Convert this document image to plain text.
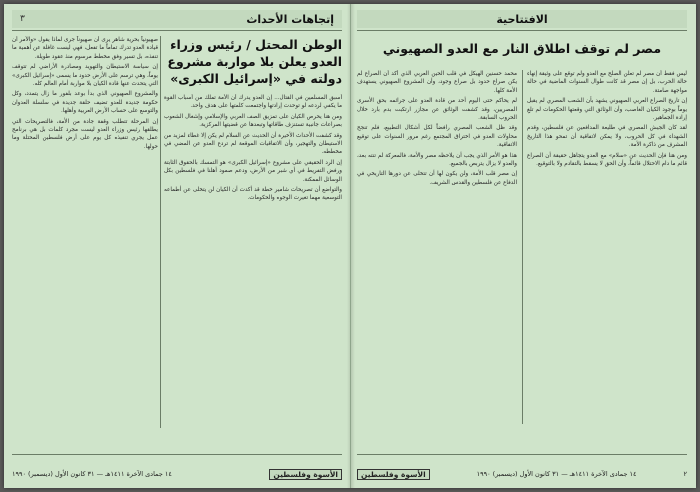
٣	إتجاهات الأحداث
الوطن المحتل / رئيس وزراء العدو يعلن بلا مواربة مشروع دولته في «إسرائيل الكبرى»

صهيونياً بحرية شاهر يرى أن صهيوناً جرى لماذا يقول «والأمر أن قيادة العدو تدرك تماماً ما تفعل، فهي ليست غافلة عن أهمية ما تنفذه، بل تسير وفق مخطط مرسوم منذ عقود طويلة.

إن سياسة الاستيطان والتهويد ومصادرة الأراضي لم تتوقف يوماً، وهي ترسم على الأرض حدود ما يسمى «إسرائيل الكبرى» التي يتحدث عنها قادة الكيان بلا مواربة أمام العالم كله.

والمشروع الصهيوني الذي بدأ بوعد بلفور ما زال يتمدد، وكل حكومة جديدة للعدو تضيف حلقة جديدة في سلسلة العدوان والتوسع على حساب الأرض العربية وأهلها.

إن المرحلة تتطلب وقفة جادة من الأمة، فالتصريحات التي يطلقها رئيس وزراء العدو ليست مجرد كلمات بل هي برنامج عمل يجري تنفيذه كل يوم على أرض فلسطين المحتلة وما حولها.

أسبق المسلمين في القتال... إن العدو يدرك أن الأمة تملك من أسباب القوة ما يكفي لردعه لو توحدت إرادتها واجتمعت كلمتها على هدف واحد.

ومن هنا يحرص الكيان على تمزيق الصف العربي والإسلامي وإشغال الشعوب بصراعات جانبية تستنزف طاقاتها وتبعدها عن قضيتها المركزية.

وقد كشفت الأحداث الأخيرة أن الحديث عن السلام لم يكن إلا غطاء لمزيد من الاستيطان والتهجير، وأن الاتفاقيات الموقعة لم تردع العدو عن المضي في مخططه.

إن الرد الحقيقي على مشروع «إسرائيل الكبرى» هو التمسك بالحقوق الثابتة ورفض التفريط في أي شبر من الأرض، ودعم صمود أهلنا في فلسطين بكل الوسائل الممكنة.

والتواضع أن تصريحات شامير خطة قد أكدت أن الكيان لن يتخلى عن أطماعه التوسعية مهما تغيرت الوجوه والحكومات.

١٤ جمادى الآخرة ١٤١١هـ — ٣١ كانون الأول (ديسمبر) ١٩٩٠	الأسوة وفلسطين
الافتتاحية
مصر لم توقف اطلاق النار مع العدو الصهيوني

ليس فقط أن مصر لم تعلن الصلح مع العدو ولم توقع على وثيقة إنهاء حالة الحرب، بل إن مصر قد كانت طوال السنوات الماضية في حالة مواجهة صامتة.

إن تاريخ الصراع العربي الصهيوني يشهد بأن الشعب المصري لم يقبل يوماً بوجود الكيان الغاصب، وأن الوثائق التي وقعتها الحكومات لم تلغِ إرادة الجماهير.

لقد كان الجيش المصري في طليعة المدافعين عن فلسطين، وقدم الشهداء في كل الحروب، ولا يمكن لاتفاقية أن تمحو هذا التاريخ المشرف من ذاكرة الأمة.

ومن هنا فإن الحديث عن «سلام» مع العدو يتجاهل حقيقة أن الصراع قائم ما دام الاحتلال قائماً، وأن الحق لا يسقط بالتقادم ولا بالتوقيع.

محمد حسنين الهيكل في قلب الحين العربي الذي أكد أن الصراع لم يكن صراع حدود بل صراع وجود، وأن المشروع الصهيوني يستهدف الأمة كلها.

لم يحاكم حتى اليوم أحد من قادة العدو على جرائمه بحق الأسرى المصريين، وقد كشفت الوثائق عن مجازر ارتكبت بدم بارد خلال الحروب السابقة.

وقد ظل الشعب المصري رافضاً لكل أشكال التطبيع، فلم تنجح محاولات العدو في اختراق المجتمع رغم مرور السنوات على توقيع الاتفاقية.

هذا هو الأمر الذي يجب أن يلاحظه مصر والأمة، فالمعركة لم تنته بعد، والعدو لا يزال يتربص بالجميع.

إن مصر قلب الأمة، ولن يكون لها أن تتخلى عن دورها التاريخي في الدفاع عن فلسطين والقدس الشريف.

الأسوة وفلسطين	١٤ جمادى الآخرة ١٤١١هـ — ٣١ كانون الأول (ديسمبر) ١٩٩٠	٢
